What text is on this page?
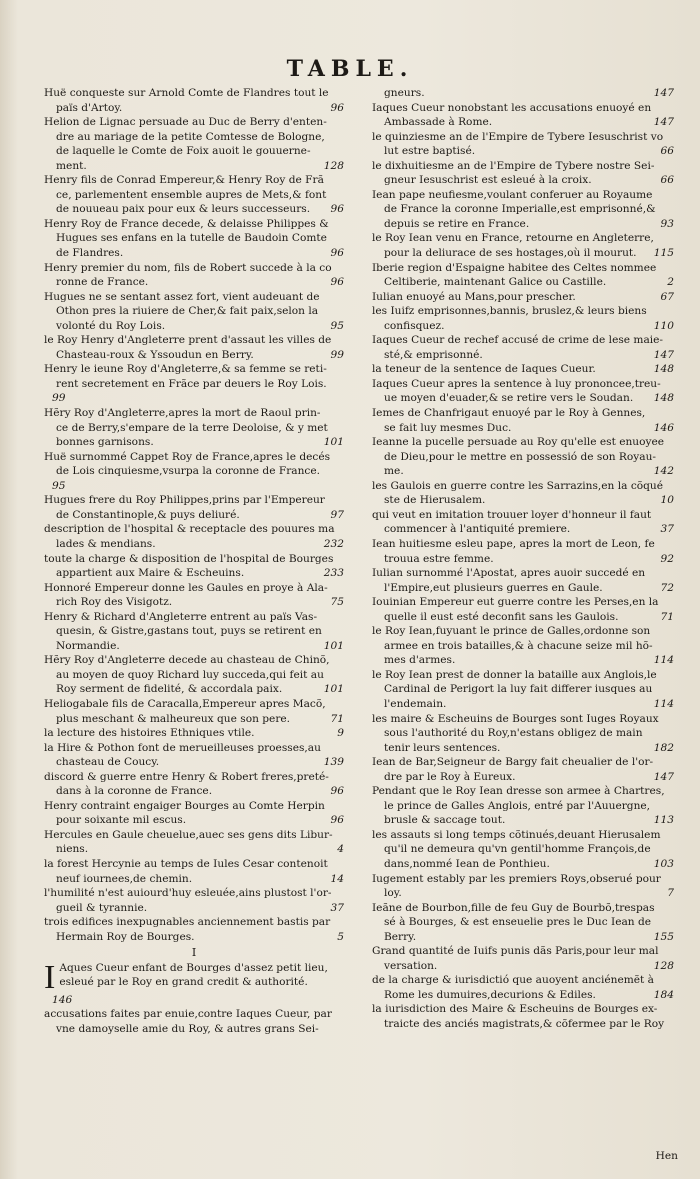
TABLE.
Huë conqueste sur Arnold Comte de Flandres tout le
96
païs d'Artoy.
Helion de Lignac persuade au Duc de Berry d'enten-
dre au mariage de la petite Comtesse de Bologne,
de laquelle le Comte de Foix auoit le gouuerne-
128
ment.
Henry fils de Conrad Empereur,& Henry Roy de Frã
ce, parlementent ensemble aupres de Mets,& font
96
de nouueau paix pour eux & leurs successeurs.
Henry Roy de France decede, & delaisse Philippes &
Hugues ses enfans en la tutelle de Baudoin Comte
96
de Flandres.
Henry premier du nom, fils de Robert succede à la co
96
ronne de France.
Hugues ne se sentant assez fort, vient audeuant de
Othon pres la riuiere de Cher,& fait paix,selon la
95
volonté du Roy Lois.
le Roy Henry d'Angleterre prent d'assaut les villes de
99
Chasteau-roux & Yssoudun en Berry.
Henry le ieune Roy d'Angleterre,& sa femme se reti-
rent secretement en Frãce par deuers le Roy Lois.
99
Hẽry Roy d'Angleterre,apres la mort de Raoul prin-
ce de Berry,s'empare de la terre Deoloise, & y met
101
bonnes garnisons.
Huë surnommé Cappet Roy de France,apres le decés
de Lois cinquiesme,vsurpa la coronne de France.
95
Hugues frere du Roy Philippes,prins par l'Empereur
97
de Constantinople,& puys deliuré.
description de l'hospital & receptacle des pouures ma
232
lades & mendians.
toute la charge & disposition de l'hospital de Bourges
233
appartient aux Maire & Escheuins.
Honnoré Empereur donne les Gaules en proye à Ala-
75
rich Roy des Visigotz.
Henry & Richard d'Angleterre entrent au païs Vas-
quesin, & Gistre,gastans tout, puys se retirent en
101
Normandie.
Hẽry Roy d'Angleterre decede au chasteau de Chinõ,
au moyen de quoy Richard luy succeda,qui feit au
101
Roy serment de fidelité, & accordala paix.
Heliogabale fils de Caracalla,Empereur apres Macõ,
71
plus meschant & malheureux que son pere.
9
la lecture des histoires Ethniques vtile.
la Hire & Pothon font de merueilleuses proesses,au
139
chasteau de Coucy.
discord & guerre entre Henry & Robert freres,preté-
96
dans à la coronne de France.
Henry contraint engaiger Bourges au Comte Herpin
96
pour soixante mil escus.
Hercules en Gaule cheuelue,auec ses gens dits Libur-
4
niens.
la forest Hercynie au temps de Iules Cesar contenoit
14
neuf iournees,de chemin.
l'humilité n'est auiourd'huy esleuée,ains plustost l'or-
37
gueil & tyrannie.
trois edifices inexpugnables anciennement bastis par
5
Hermain Roy de Bourges.
I
I Aques Cueur enfant de Bourges d'assez petit lieu,
esleué par le Roy en grand credit & authorité.
146
accusations faites par enuie,contre Iaques Cueur, par
vne damoyselle amie du Roy, & autres grans Sei-
147
gneurs.
Iaques Cueur nonobstant les accusations enuoyé en
147
Ambassade à Rome.
le quinziesme an de l'Empire de Tybere Iesuschrist vo
66
lut estre baptisé.
le dixhuitiesme an de l'Empire de Tybere nostre Sei-
66
gneur Iesuschrist est esleué à la croix.
Iean pape neufiesme,voulant conferuer au Royaume
de France la coronne Imperialle,est emprisonné,&
93
depuis se retire en France.
le Roy Iean venu en France, retourne en Angleterre,
115
pour la deliurace de ses hostages,où il mourut.
Iberie region d'Espaigne habitee des Celtes nommee
2
Celtiberie, maintenant Galice ou Castille.
67
Iulian enuoyé au Mans,pour prescher.
les Iuifz emprisonnes,bannis, bruslez,& leurs biens
110
confisquez.
Iaques Cueur de rechef accusé de crime de lese maie-
147
sté,& emprisonné.
148
la teneur de la sentence de Iaques Cueur.
Iaques Cueur apres la sentence à luy prononcee,treu-
148
ue moyen d'euader,& se retire vers le Soudan.
Iemes de Chanfrigaut enuoyé par le Roy à Gennes,
146
se fait luy mesmes Duc.
Ieanne la pucelle persuade au Roy qu'elle est enuoyee
de Dieu,pour le mettre en possessió de son Royau-
142
me.
les Gaulois en guerre contre les Sarrazins,en la cõqué
10
ste de Hierusalem.
qui veut en imitation trouuer loyer d'honneur il faut
37
commencer à l'antiquité premiere.
Iean huitiesme esleu pape, apres la mort de Leon, fe
92
trouua estre femme.
Iulian surnommé l'Apostat, apres auoir succedé en
72
l'Empire,eut plusieurs guerres en Gaule.
Iouinian Empereur eut guerre contre les Perses,en la
71
quelle il eust esté deconfit sans les Gaulois.
le Roy Iean,fuyuant le prince de Galles,ordonne son
armee en trois batailles,& à chacune seize mil hõ-
114
mes d'armes.
le Roy Iean prest de donner la bataille aux Anglois,le
Cardinal de Perigort la luy fait differer iusques au
114
l'endemain.
les maire & Escheuins de Bourges sont Iuges Royaux
sous l'authorité du Roy,n'estans obligez de main
182
tenir leurs sentences.
Iean de Bar,Seigneur de Bargy fait cheualier de l'or-
147
dre par le Roy à Eureux.
Pendant que le Roy Iean dresse son armee à Chartres,
le prince de Galles Anglois, entré par l'Auuergne,
113
brusle & saccage tout.
les assauts si long temps cõtinués,deuant Hierusalem
qu'il ne demeura qu'vn gentil'homme François,de
103
dans,nommé Iean de Ponthieu.
Iugement estably par les premiers Roys,obserué pour
7
loy.
Ieãne de Bourbon,fille de feu Guy de Bourbõ,trespas
sé à Bourges, & est enseuelie pres le Duc Iean de
155
Berry.
Grand quantité de Iuifs punis dãs Paris,pour leur mal
128
versation.
de la charge & iurisdictió que auoyent anciénemẽt à
184
Rome les dumuires,decurions & Ediles.
la iurisdiction des Maire & Escheuins de Bourges ex-
traicte des anciés magistrats,& cõfermee par le Roy
Hen
